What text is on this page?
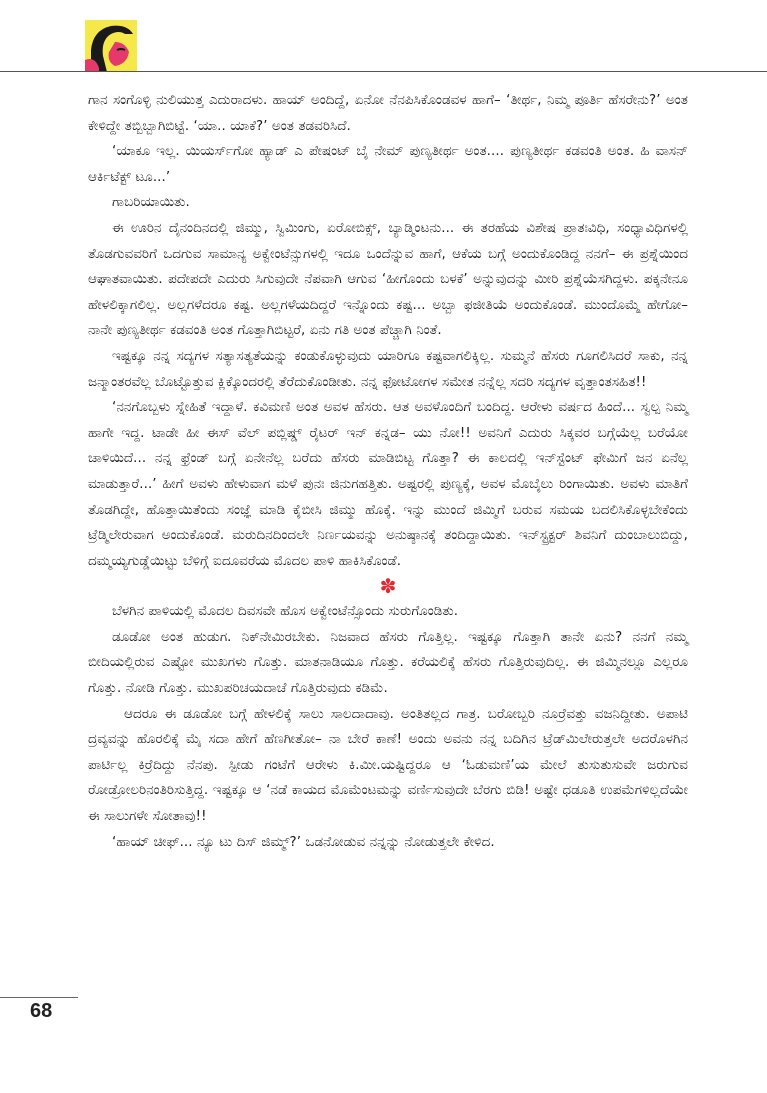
ಗಾನ ಸಂಗೊಳ್ಳಿ ನುಲಿಯುತ್ತ ಎದುರಾದಳು. ಹಾಯ್ ಅಂದಿದ್ದೆ, ಏನೋ ನೆನಪಿಸಿಕೊಂಡವಳ ಹಾಗೆ– ‘ತೀರ್ಥ, ನಿಮ್ಮ ಪೂರ್ತಿ ಹೆಸರೇನು?’ ಅಂತ ಕೇಳಿದ್ದೇ ತಬ್ಬಿಬ್ಬಾಗಿಬಿಟ್ಟೆ. ‘ಯಾ.. ಯಾಕೆ?’ ಅಂತ ತಡವರಿಸಿದೆ.

‘ಯಾಕೂ ಇಲ್ಲ. ಯಿಯರ್ಸ್‌ಗೋ ಹ್ಯಾಡ್ ಎ ಪೇಷಂಟ್ ಬೈ ನೇಮ್ ಪುಣ್ಯತೀರ್ಥ ಅಂತ.... ಪುಣ್ಯತೀರ್ಥ ಕಡವಂತಿ ಅಂತ. ಹಿ ವಾಸನ್ ಆರ್ಕಿಟೆಕ್ಟ್ ಟೂ...’

ಗಾಬರಿಯಾಯಿತು.

ಈ ಊರಿನ ದೈನಂದಿನದಲ್ಲಿ ಜಿಮ್ಮು, ಸ್ವಿಮಿಂಗು, ಏರೋಬಿಕ್ಸ್, ಬ್ಯಾಡ್ಮಿಂಟನು... ಈ ತರಹೆಯ ವಿಶೇಷ ಪ್ರಾತಃವಿಧಿ, ಸಂಧ್ಯಾವಿಧಿಗಳಲ್ಲಿ ತೊಡಗುವವರಿಗೆ ಒದಗುವ ಸಾಮಾನ್ಯ ಅಕ್ವೇಂಟೆನ್ಸುಗಳಲ್ಲಿ ಇದೂ ಒಂದೆನ್ನುವ ಹಾಗೆ, ಆಕೆಯ ಬಗ್ಗೆ ಅಂದುಕೊಂಡಿದ್ದ ನನಗೆ– ಈ ಪ್ರಶ್ನೆಯಿಂದ ಆಘಾತವಾಯಿತು. ಪದೇಪದೇ ಎದುರು ಸಿಗುವುದೇ ನೆಪವಾಗಿ ಆಗುವ ‘ಹೀಗೊಂದು ಬಳಕೆ’ ಅನ್ನುವುದನ್ನು ಮೀರಿ ಪ್ರಶ್ನೆಯೆಸಗಿದ್ದಳು. ಪಕ್ಕನೇನೂ ಹೇಳಲಿಕ್ಕಾಗಲಿಲ್ಲ. ಅಲ್ಲಗಳೆದರೂ ಕಷ್ಟ. ಅಲ್ಲಗಳೆಯದಿದ್ದರೆ ಇನ್ನೊಂದು ಕಷ್ಟ... ಅಬ್ಬಾ ಫಜೀತಿಯೆ ಅಂದುಕೊಂಡೆ. ಮುಂದೊಮ್ಮೆ ಹೇಗೋ– ನಾನೇ ಪುಣ್ಯತೀರ್ಥ ಕಡವಂತಿ ಅಂತ ಗೊತ್ತಾಗಿಬಿಟ್ಟರೆ, ಏನು ಗತಿ ಅಂತ ಪೆಚ್ಚಾಗಿ ನಿಂತೆ.

ಇಷ್ಟಕ್ಕೂ ನನ್ನ ಸದ್ಯಗಳ ಸತ್ಯಾಸತ್ಯತೆಯನ್ನು ಕಂಡುಕೊಳ್ಳುವುದು ಯಾರಿಗೂ ಕಷ್ಟವಾಗಲಿಕ್ಕಿಲ್ಲ. ಸುಮ್ಮನೆ ಹೆಸರು ಗೂಗಲಿಸಿದರೆ ಸಾಕು, ನನ್ನ ಜನ್ಮಾಂತರವೆಲ್ಲ ಬೊಟ್ಟೊತ್ತುವ ಕ್ಲಿಕ್ಕೊಂದರಲ್ಲಿ ತೆರೆದುಕೊಂಡೀತು. ನನ್ನ ಫೋಟೋಗಳ ಸಮೇತ ನನ್ನೆಲ್ಲ ಸದರಿ ಸದ್ಯಗಳ ವೃತ್ತಾಂತಸಹಿತ!!

‘ನನಗೊಬ್ಬಳು ಸ್ನೇಹಿತೆ ಇದ್ದಾಳೆ. ಕವಿಮಣಿ ಅಂತ ಅವಳ ಹೆಸರು. ಆತ ಅವಳೊಂದಿಗೆ ಬಂದಿದ್ದ. ಆರೇಳು ವರ್ಷದ ಹಿಂದೆ... ಸ್ವಲ್ಪ ನಿಮ್ಮ ಹಾಗೇ ಇದ್ದ. ಟಾಡೇ ಹೀ ಈಸ್ ವೆಲ್ ಪಬ್ಲಿಷ್ಡ್ ರೈಟರ್ ಇನ್ ಕನ್ನಡ– ಯು ನೋ!! ಅವನಿಗೆ ಎದುರು ಸಿಕ್ಕವರ ಬಗ್ಗೆಯೆಲ್ಲ ಬರೆಯೋ ಚಾಳಿಯಿದೆ... ನನ್ನ ಫ್ರೆಂಡ್ ಬಗ್ಗೆ ಏನೇನೆಲ್ಲ ಬರೆದು ಹೆಸರು ಮಾಡಿಬಿಟ್ಟ ಗೊತ್ತಾ? ಈ ಕಾಲದಲ್ಲಿ ಇನ್‌ಸ್ಟೆಂಟ್ ಫೇಮಿಗೆ ಜನ ಏನೆಲ್ಲ ಮಾಡುತ್ತಾರೆ...’ ಹೀಗೆ ಅವಳು ಹೇಳುವಾಗ ಮಳೆ ಪುನಃ ಜಿನುಗಹತ್ತಿತು. ಅಷ್ಟರಲ್ಲಿ ಪುಣ್ಯಕ್ಕೆ, ಅವಳ ಮೊಬೈಲು ರಿಂಗಾಯಿತು. ಅವಳು ಮಾತಿಗೆ ತೊಡಗಿದ್ದೇ, ಹೊತ್ತಾಯಿತೆಂದು ಸಂಜ್ಞೆ ಮಾಡಿ ಕೈಬೀಸಿ ಜಿಮ್ಮು ಹೊಕ್ಕೆ. ಇನ್ನು ಮುಂದೆ ಜಿಮ್ಮಿಗೆ ಬರುವ ಸಮಯ ಬದಲಿಸಿಕೊಳ್ಳಬೇಕೆಂದು ಟ್ರೆಡ್ಮಿಲೇರುವಾಗ ಅಂದುಕೊಂಡೆ. ಮರುದಿನದಿಂದಲೇ ನಿರ್ಣಯವನ್ನು ಅನುಷ್ಠಾನಕ್ಕೆ ತಂದಿದ್ದಾಯಿತು. ಇನ್‌ಸ್ಟ್ರಕ್ಟರ್ ಶಿವನಿಗೆ ದುಂಬಾಲುಬಿದ್ದು, ದಮ್ಮಯ್ಯಗುಡ್ಡೆಯಿಟ್ಟು ಬೆಳಿಗ್ಗೆ ಐದೂವರೆಯ ಮೊದಲ ಪಾಳಿ ಹಾಕಿಸಿಕೊಂಡೆ.

✽

ಬೆಳಗಿನ ಪಾಳಿಯಲ್ಲಿ ಮೊದಲ ದಿವಸವೇ ಹೊಸ ಅಕ್ವೇಂಟೆನ್ಸೊಂದು ಸುರುಗೊಂಡಿತು.

ಡೂಡೋ ಅಂತ ಹುಡುಗ. ನಿಕ್‌ನೇಮಿರಬೇಕು. ನಿಜವಾದ ಹೆಸರು ಗೊತ್ತಿಲ್ಲ. ಇಷ್ಟಕ್ಕೂ ಗೊತ್ತಾಗಿ ತಾನೇ ಏನು? ನನಗೆ ನಮ್ಮ ಬೀದಿಯಲ್ಲಿರುವ ಎಷ್ಟೋ ಮುಖಗಳು ಗೊತ್ತು. ಮಾತನಾಡಿಯೂ ಗೊತ್ತು. ಕರೆಯಲಿಕ್ಕೆ ಹೆಸರು ಗೊತ್ತಿರುವುದಿಲ್ಲ. ಈ ಜಿಮ್ಮಿನಲ್ಲೂ ಎಲ್ಲರೂ ಗೊತ್ತು. ನೋಡಿ ಗೊತ್ತು. ಮುಖಪರಿಚಯದಾಚೆ ಗೊತ್ತಿರುವುದು ಕಡಿಮೆ.

ಆದರೂ ಈ ಡೂಡೋ ಬಗ್ಗೆ ಹೇಳಲಿಕ್ಕೆ ಸಾಲು ಸಾಲದಾದಾವು. ಅಂತಿತಲ್ಲದ ಗಾತ್ರ. ಬರೋಬ್ಬರಿ ನೂರ್ರೆವತ್ತು ವಜನಿದ್ದೀತು. ಅಪಾಟಿ ದ್ರವ್ಯವನ್ನು ಹೊರಲಿಕ್ಕೆ ಮೈ ಸದಾ ಹೇಗೆ ಹೆಣಗೀತೋ– ನಾ ಬೇರೆ ಕಾಣೆ! ಅಂದು ಅವನು ನನ್ನ ಬದಿಗಿನ ಟ್ರೆಡ್‌ಮಿಲೇರುತ್ತಲೇ ಅದರೊಳಗಿನ ಪಾರ್ಟಿಲ್ಲ ಕಿರ್ರೆದಿದ್ದು ನೆನಪು. ಸ್ಪೀಡು ಗಂಟೆಗೆ ಆರೇಳು ಕಿ.ಮೀ.ಯಷ್ಟಿದ್ದರೂ ಆ ‘ಓಡುಮಣಿ’ಯ ಮೇಲೆ ತುಸುತುಸುವೇ ಜರುಗುವ ರೋಡ್ರೋಲರಿನಂತಿರಿಸುತ್ತಿದ್ದ. ಇಷ್ಟಕ್ಕೂ ಆ ‘ನಡೆ ಕಾಯದ ಮೊಮೆಂಟಮನ್ನು ವರ್ಣಿಸುವುದೇ ಬೆರಗು ಬಿಡಿ! ಅಷ್ಟೇ ಧಡೂತಿ ಉಪಮೆಗಳಿಲ್ಲದೆಯೇ ಈ ಸಾಲುಗಳೇ ಸೋತಾವು!!

‘ಹಾಯ್ ಚೀಫ್... ನ್ಯೂ ಟು ದಿಸ್ ಜಿಮ್ಮ್?’ ಒಡನೋಡುವ ನನ್ನನ್ನು ನೋಡುತ್ತಲೇ ಕೇಳಿದ.

68
